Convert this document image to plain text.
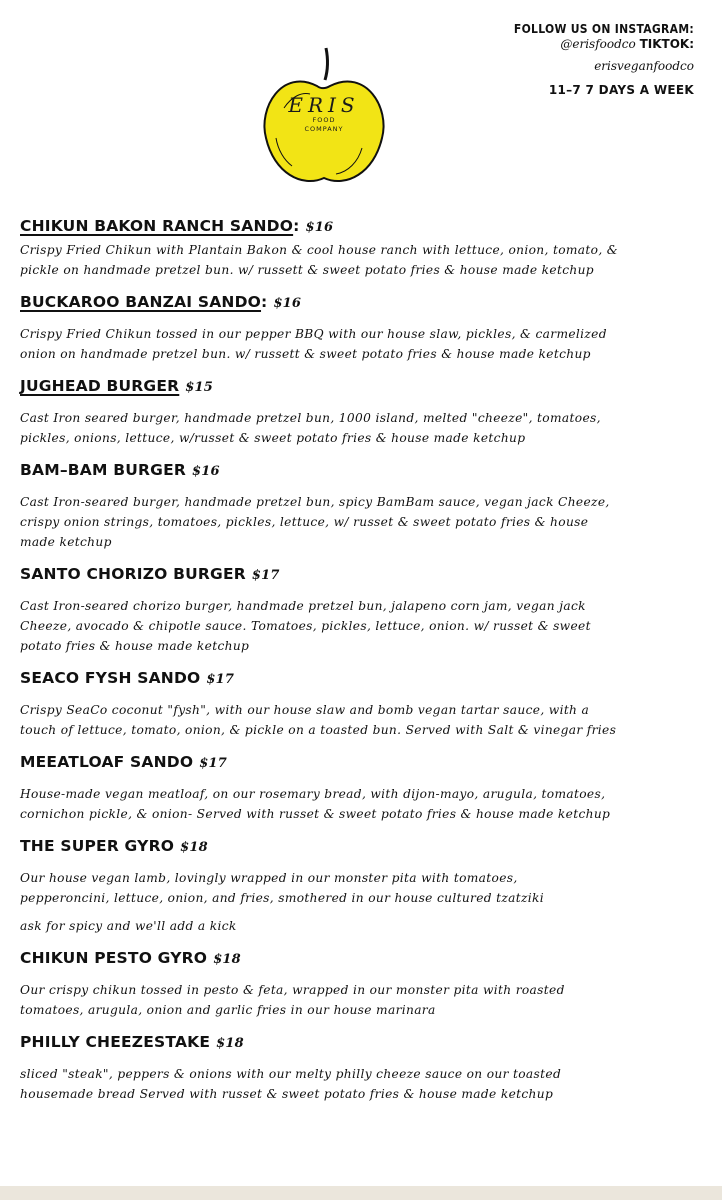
ERIS
FOOD
COMPANY
FOLLOW US ON INSTAGRAM:
@erisfoodco TIKTOK:
erisveganfoodco
11–7 7 DAYS A WEEK
CHIKUN BAKON RANCH SANDO: $16
Crispy Fried Chikun with Plantain Bakon & cool house ranch with lettuce, onion, tomato, &
pickle on handmade pretzel bun. w/ russett & sweet potato fries & house made ketchup
BUCKAROO BANZAI SANDO: $16
Crispy Fried Chikun tossed in our pepper BBQ with our house slaw, pickles, & carmelized
onion on handmade pretzel bun. w/ russett & sweet potato fries & house made ketchup
JUGHEAD BURGER $15
Cast Iron seared burger, handmade pretzel bun, 1000 island, melted "cheeze", tomatoes,
pickles, onions, lettuce, w/russet & sweet potato fries & house made ketchup
BAM–BAM BURGER $16
Cast Iron-seared burger, handmade pretzel bun, spicy BamBam sauce, vegan jack Cheeze,
crispy onion strings, tomatoes, pickles, lettuce, w/ russet & sweet potato fries & house
made ketchup
SANTO CHORIZO BURGER $17
Cast Iron-seared chorizo burger, handmade pretzel bun, jalapeno corn jam, vegan jack
Cheeze, avocado & chipotle sauce. Tomatoes, pickles, lettuce, onion. w/ russet & sweet
potato fries & house made ketchup
SEACO FYSH SANDO $17
Crispy SeaCo coconut "fysh", with our house slaw and bomb vegan tartar sauce, with a
touch of lettuce, tomato, onion, & pickle on a toasted bun. Served with Salt & vinegar fries
MEEATLOAF SANDO $17
House-made vegan meatloaf, on our rosemary bread, with dijon-mayo, arugula, tomatoes,
cornichon pickle, & onion- Served with russet & sweet potato fries & house made ketchup
THE SUPER GYRO $18
Our house vegan lamb, lovingly wrapped in our monster pita with tomatoes,
pepperoncini, lettuce, onion, and fries, smothered in our house cultured tzatziki
ask for spicy and we'll add a kick
CHIKUN PESTO GYRO $18
Our crispy chikun tossed in pesto & feta, wrapped in our monster pita with roasted
tomatoes, arugula, onion and garlic fries in our house marinara
PHILLY CHEEZESTAKE $18
sliced "steak", peppers & onions with our melty philly cheeze sauce on our toasted
housemade bread Served with russet & sweet potato fries & house made ketchup
